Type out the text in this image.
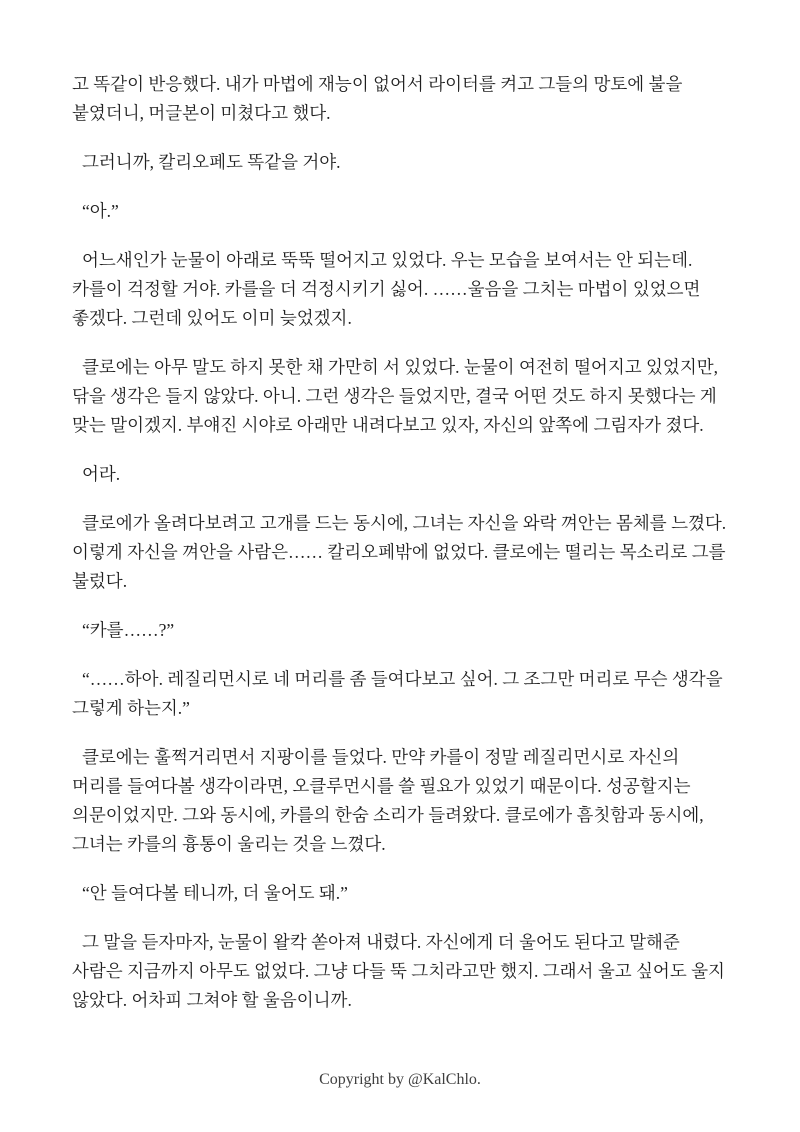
고 똑같이 반응했다. 내가 마법에 재능이 없어서 라이터를 켜고 그들의 망토에 불을 붙였더니, 머글본이 미쳤다고 했다.

그러니까, 칼리오페도 똑같을 거야.

“아.”

어느새인가 눈물이 아래로 뚝뚝 떨어지고 있었다. 우는 모습을 보여서는 안 되는데. 카를이 걱정할 거야. 카를을 더 걱정시키기 싫어. ……울음을 그치는 마법이 있었으면 좋겠다. 그런데 있어도 이미 늦었겠지.

클로에는 아무 말도 하지 못한 채 가만히 서 있었다. 눈물이 여전히 떨어지고 있었지만, 닦을 생각은 들지 않았다. 아니. 그런 생각은 들었지만, 결국 어떤 것도 하지 못했다는 게 맞는 말이겠지. 부얘진 시야로 아래만 내려다보고 있자, 자신의 앞쪽에 그림자가 졌다.

어라.

클로에가 올려다보려고 고개를 드는 동시에, 그녀는 자신을 와락 껴안는 몸체를 느꼈다. 이렇게 자신을 껴안을 사람은…… 칼리오페밖에 없었다. 클로에는 떨리는 목소리로 그를 불렀다.

“카를……?”

“……하아. 레질리먼시로 네 머리를 좀 들여다보고 싶어. 그 조그만 머리로 무슨 생각을 그렇게 하는지.”

클로에는 훌쩍거리면서 지팡이를 들었다. 만약 카를이 정말 레질리먼시로 자신의 머리를 들여다볼 생각이라면, 오클루먼시를 쓸 필요가 있었기 때문이다. 성공할지는 의문이었지만. 그와 동시에, 카를의 한숨 소리가 들려왔다. 클로에가 흠칫함과 동시에, 그녀는 카를의 흉통이 울리는 것을 느꼈다.

“안 들여다볼 테니까, 더 울어도 돼.”

그 말을 듣자마자, 눈물이 왈칵 쏟아져 내렸다. 자신에게 더 울어도 된다고 말해준 사람은 지금까지 아무도 없었다. 그냥 다들 뚝 그치라고만 했지. 그래서 울고 싶어도 울지 않았다. 어차피 그쳐야 할 울음이니까.

Copyright by @KalChlo.
